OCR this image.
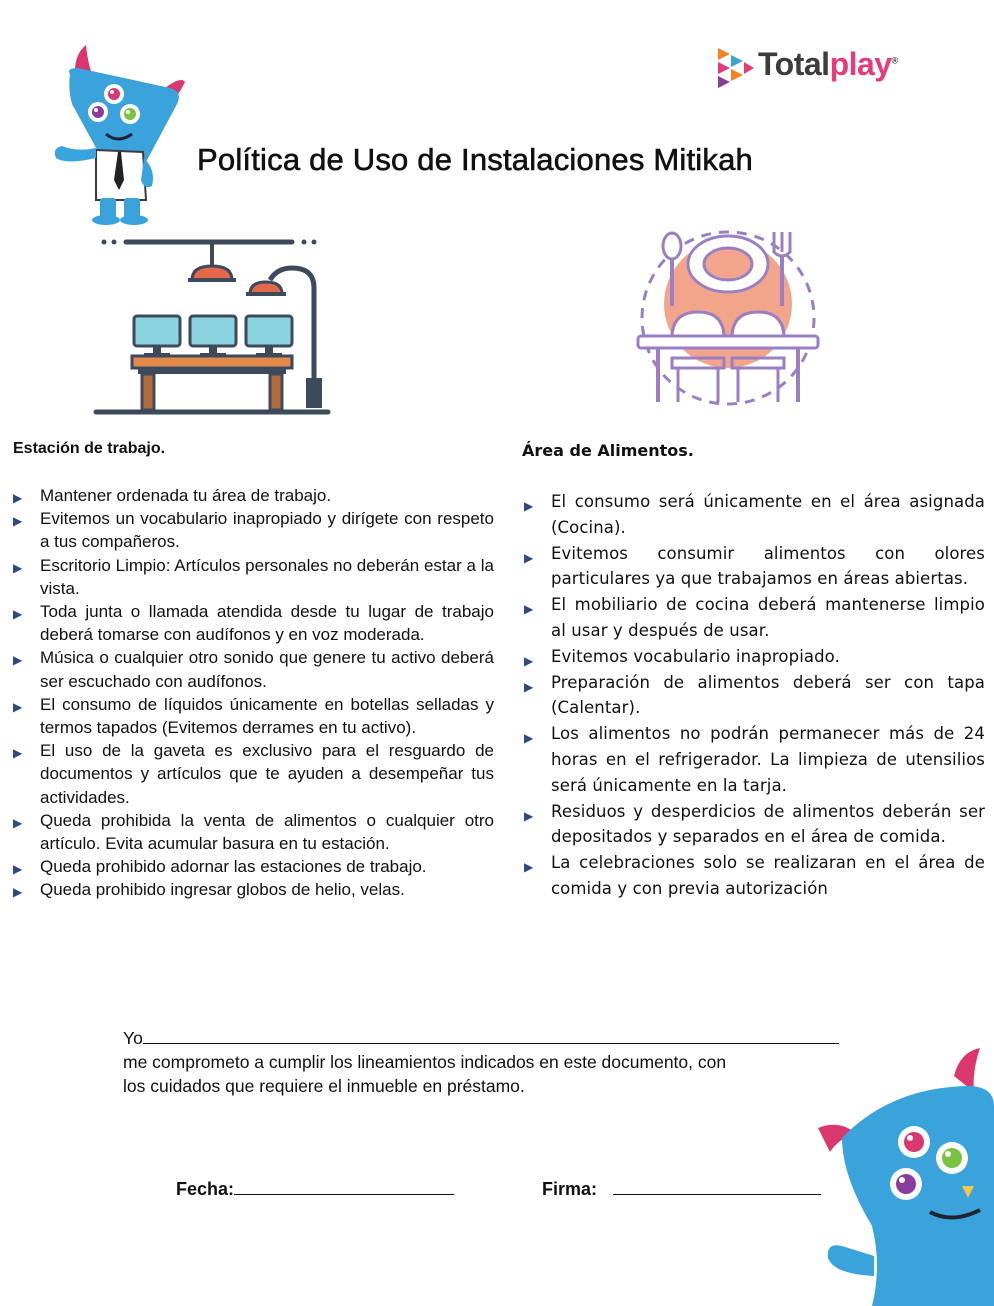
Totalplay®
Política de Uso de Instalaciones Mitikah
Estación de trabajo.
▶ Mantener ordenada tu área de trabajo.
▶ Evitemos un vocabulario inapropiado y dirígete con respeto a tus compañeros.
▶ Escritorio Limpio: Artículos personales no deberán estar a la vista.
▶ Toda junta o llamada atendida desde tu lugar de trabajo deberá tomarse con audífonos y en voz moderada.
▶ Música o cualquier otro sonido que genere tu activo deberá ser escuchado con audífonos.
▶ El consumo de líquidos únicamente en botellas selladas y termos tapados (Evitemos derrames en tu activo).
▶ El uso de la gaveta es exclusivo para el resguardo de documentos y artículos que te ayuden a desempeñar tus actividades.
▶ Queda prohibida la venta de alimentos o cualquier otro artículo. Evita acumular basura en tu estación.
▶ Queda prohibido adornar las estaciones de trabajo.
▶ Queda prohibido ingresar globos de helio, velas.
Área de Alimentos.
▶ El consumo será únicamente en el área asignada (Cocina).
▶ Evitemos consumir alimentos con olores particulares ya que trabajamos en áreas abiertas.
▶ El mobiliario de cocina deberá mantenerse limpio al usar y después de usar.
▶ Evitemos vocabulario inapropiado.
▶ Preparación de alimentos deberá ser con tapa (Calentar).
▶ Los alimentos no podrán permanecer más de 24 horas en el refrigerador. La limpieza de utensilios será únicamente en la tarja.
▶ Residuos y desperdicios de alimentos deberán ser depositados y separados en el área de comida.
▶ La celebraciones solo se realizaran en el área de comida y con previa autorización
Yo
me comprometo a cumplir los lineamientos indicados en este documento, con
los cuidados que requiere el inmueble en préstamo.
Fecha:	Firma:
